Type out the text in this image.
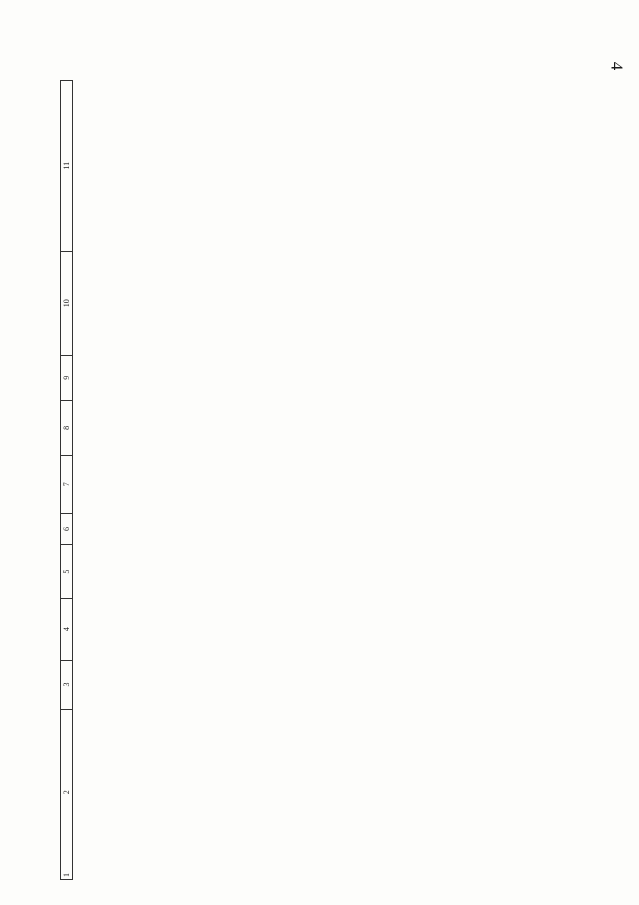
4
1
2	3	4	5	6	7	8	9	10	11
